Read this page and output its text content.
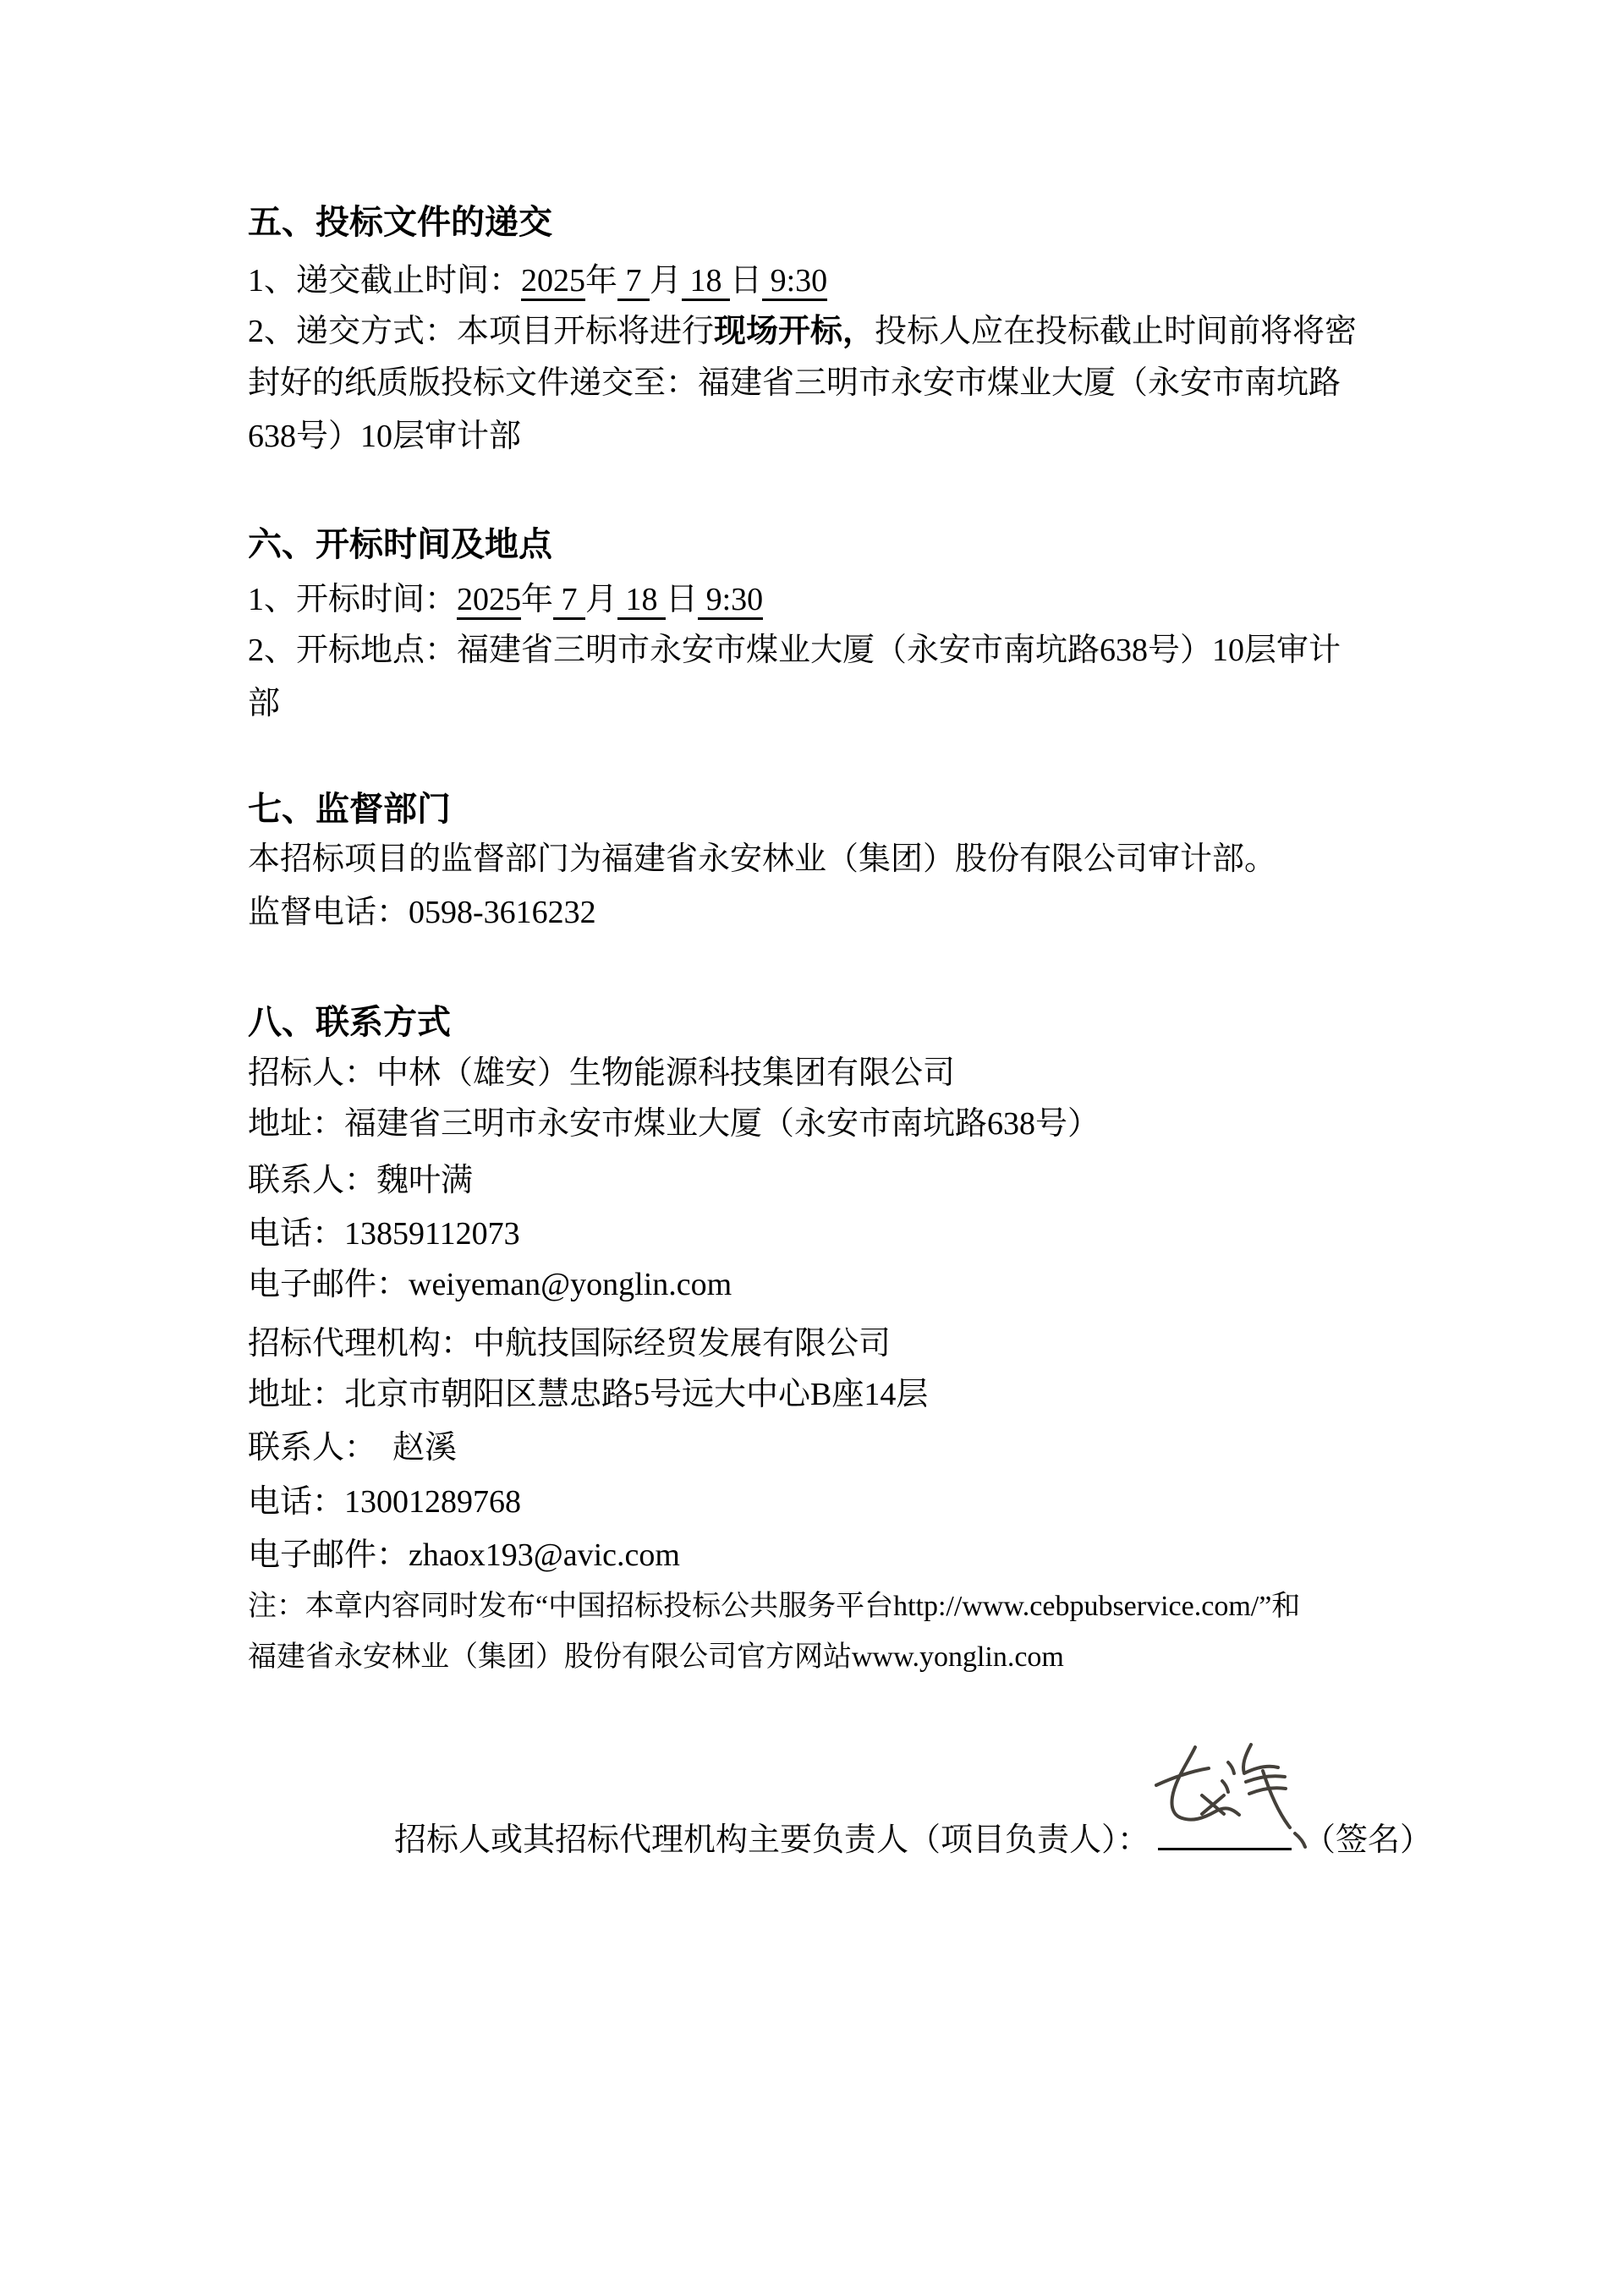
五、投标文件的递交
1、递交截止时间：2025年 7 月 18 日 9:30
2、递交方式：本项目开标将进行现场开标，投标人应在投标截止时间前将将密
封好的纸质版投标文件递交至：福建省三明市永安市煤业大厦（永安市南坑路
638号）10层审计部
六、开标时间及地点
1、开标时间：2025年 7 月 18 日 9:30
2、开标地点：福建省三明市永安市煤业大厦（永安市南坑路638号）10层审计
部
七、监督部门
本招标项目的监督部门为福建省永安林业（集团）股份有限公司审计部。
监督电话：0598-3616232
八、联系方式
招标人：中林（雄安）生物能源科技集团有限公司
地址：福建省三明市永安市煤业大厦（永安市南坑路638号）
联系人：魏叶满
电话：13859112073
电子邮件：weiyeman@yonglin.com
招标代理机构：中航技国际经贸发展有限公司
地址：北京市朝阳区慧忠路5号远大中心B座14层
联系人：　赵溪
电话：13001289768
电子邮件：zhaox193@avic.com
注：本章内容同时发布“中国招标投标公共服务平台http://www.cebpubservice.com/”和
福建省永安林业（集团）股份有限公司官方网站www.yonglin.com
招标人或其招标代理机构主要负责人（项目负责人）：	（签名）
